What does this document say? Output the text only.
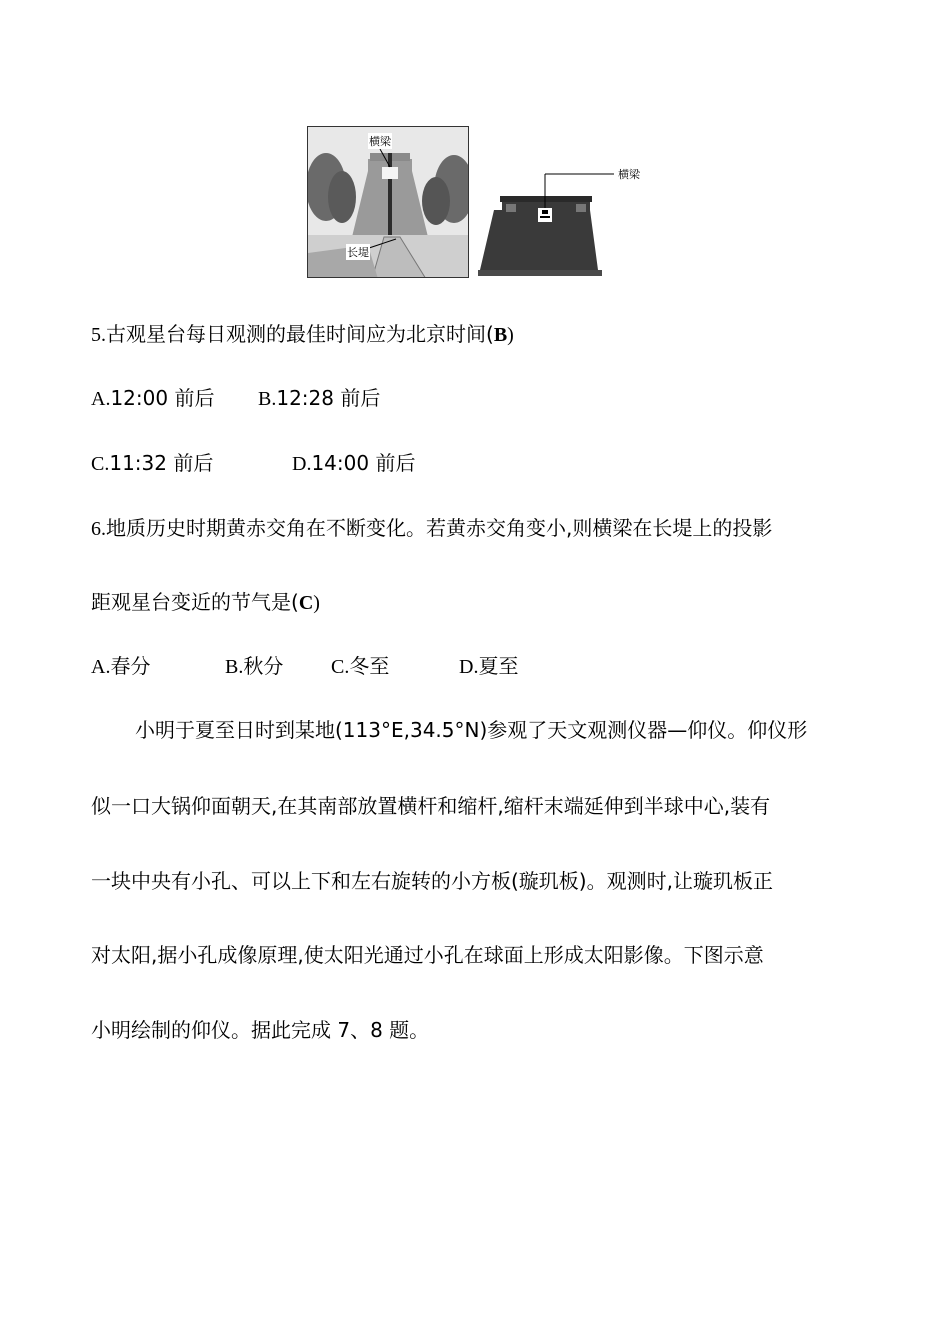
横梁
长堤
横梁
5.古观星台每日观测的最佳时间应为北京时间(B)
A.12:00 前后 B.12:28 前后
C.11:32 前后	D.14:00 前后
6.地质历史时期黄赤交角在不断变化。若黄赤交角变小,则横梁在长堤上的投影
距观星台变近的节气是(C)
A.春分	B.秋分 C.冬至	D.夏至
小明于夏至日时到某地(113°E,34.5°N)参观了天文观测仪器—仰仪。仰仪形
似一口大锅仰面朝天,在其南部放置横杆和缩杆,缩杆末端延伸到半球中心,装有
一块中央有小孔、可以上下和左右旋转的小方板(璇玑板)。观测时,让璇玑板正
对太阳,据小孔成像原理,使太阳光通过小孔在球面上形成太阳影像。下图示意
小明绘制的仰仪。据此完成 7、8 题。
